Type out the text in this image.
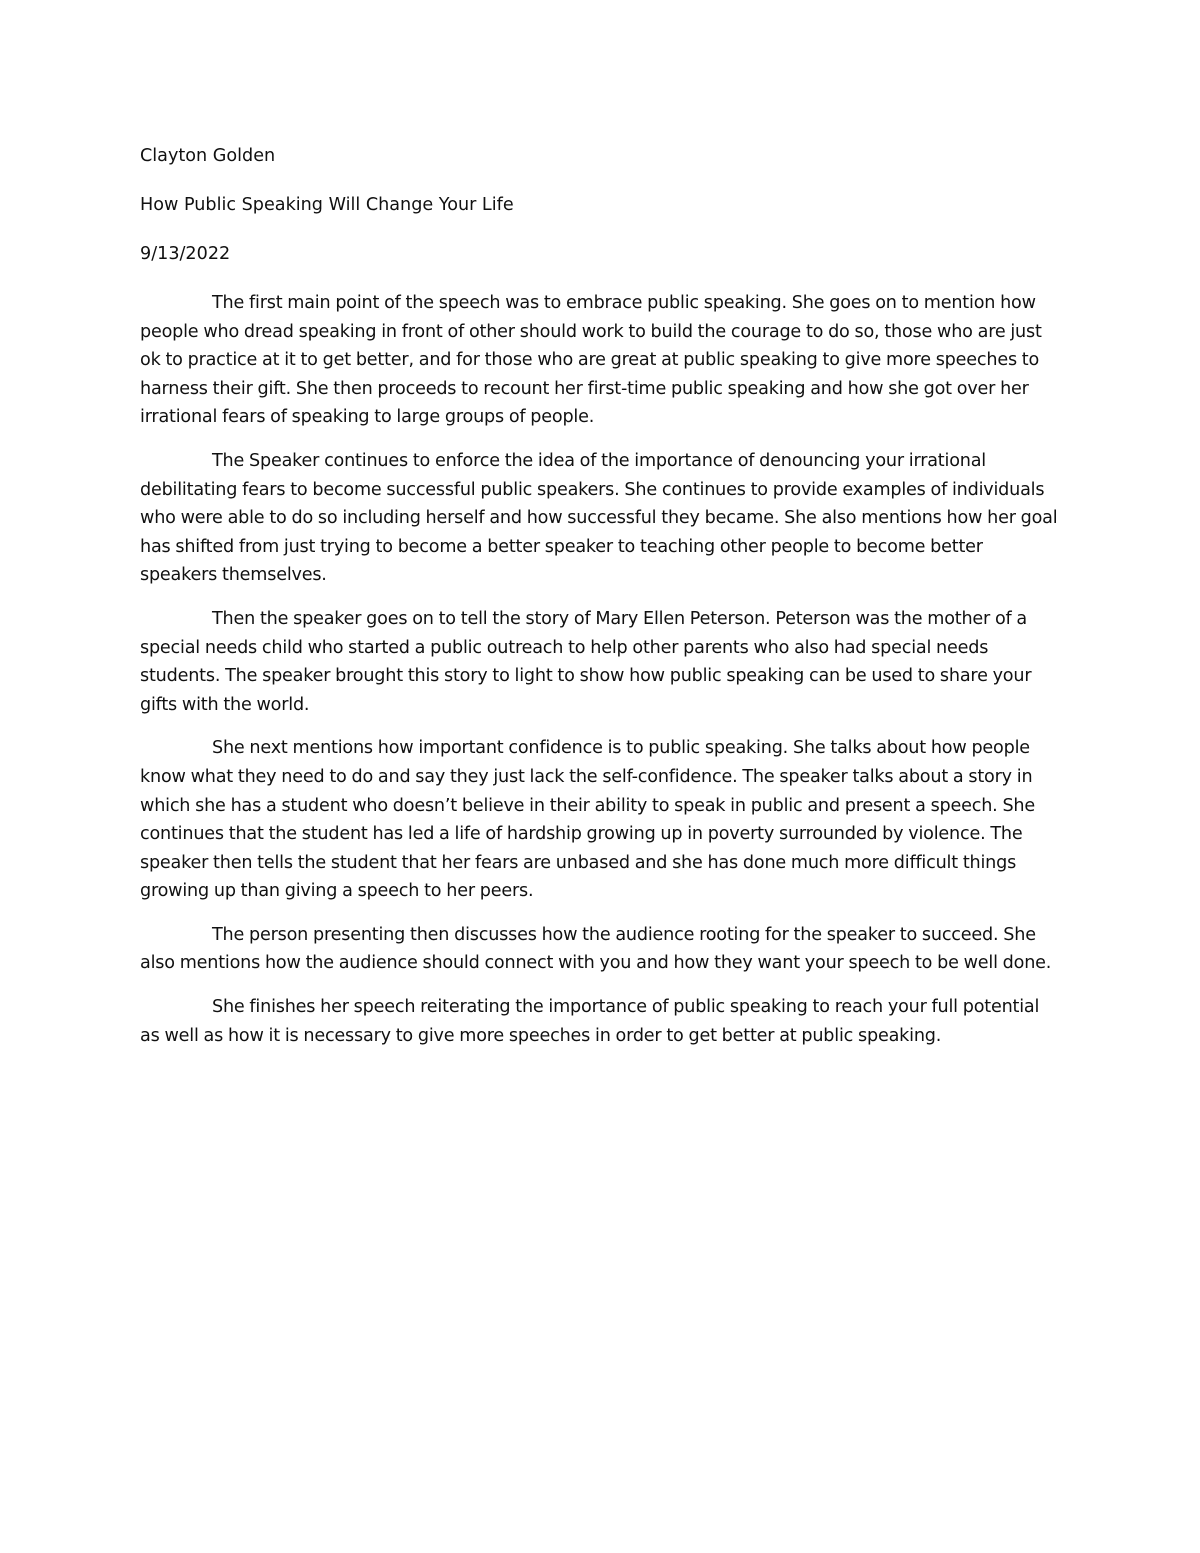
Clayton Golden
How Public Speaking Will Change Your Life
9/13/2022

The first main point of the speech was to embrace public speaking. She goes on to mention how people who dread speaking in front of other should work to build the courage to do so, those who are just ok to practice at it to get better, and for those who are great at public speaking to give more speeches to harness their gift. She then proceeds to recount her first-time public speaking and how she got over her irrational fears of speaking to large groups of people.

The Speaker continues to enforce the idea of the importance of denouncing your irrational debilitating fears to become successful public speakers. She continues to provide examples of individuals who were able to do so including herself and how successful they became. She also mentions how her goal has shifted from just trying to become a better speaker to teaching other people to become better speakers themselves.

Then the speaker goes on to tell the story of Mary Ellen Peterson. Peterson was the mother of a special needs child who started a public outreach to help other parents who also had special needs students. The speaker brought this story to light to show how public speaking can be used to share your gifts with the world.

She next mentions how important confidence is to public speaking. She talks about how people know what they need to do and say they just lack the self-confidence. The speaker talks about a story in which she has a student who doesn’t believe in their ability to speak in public and present a speech. She continues that the student has led a life of hardship growing up in poverty surrounded by violence. The speaker then tells the student that her fears are unbased and she has done much more difficult things growing up than giving a speech to her peers.

The person presenting then discusses how the audience rooting for the speaker to succeed. She also mentions how the audience should connect with you and how they want your speech to be well done.

She finishes her speech reiterating the importance of public speaking to reach your full potential as well as how it is necessary to give more speeches in order to get better at public speaking.
